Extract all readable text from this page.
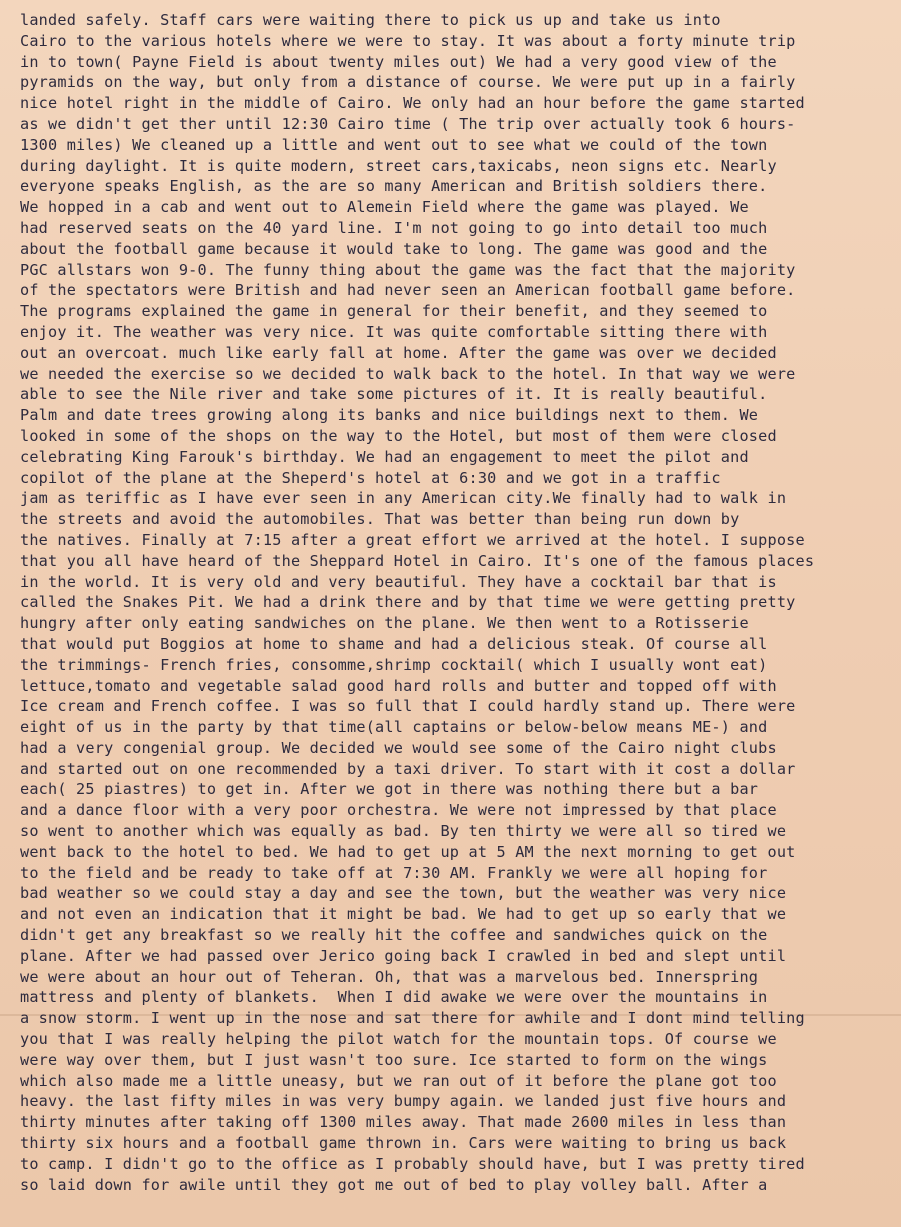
landed safely. Staff cars were waiting there to pick us up and take us into
Cairo to the various hotels where we were to stay. It was about a forty minute trip
in to town( Payne Field is about twenty miles out) We had a very good view of the
pyramids on the way, but only from a distance of course. We were put up in a fairly
nice hotel right in the middle of Cairo. We only had an hour before the game started
as we didn't get ther until 12:30 Cairo time ( The trip over actually took 6 hours-
1300 miles) We cleaned up a little and went out to see what we could of the town
during daylight. It is quite modern, street cars,taxicabs, neon signs etc. Nearly
everyone speaks English, as the are so many American and British soldiers there.
We hopped in a cab and went out to Alemein Field where the game was played. We
had reserved seats on the 40 yard line. I'm not going to go into detail too much
about the football game because it would take to long. The game was good and the
PGC allstars won 9-0. The funny thing about the game was the fact that the majority
of the spectators were British and had never seen an American football game before.
The programs explained the game in general for their benefit, and they seemed to
enjoy it. The weather was very nice. It was quite comfortable sitting there with
out an overcoat. much like early fall at home. After the game was over we decided
we needed the exercise so we decided to walk back to the hotel. In that way we were
able to see the Nile river and take some pictures of it. It is really beautiful.
Palm and date trees growing along its banks and nice buildings next to them. We
looked in some of the shops on the way to the Hotel, but most of them were closed
celebrating King Farouk's birthday. We had an engagement to meet the pilot and
copilot of the plane at the Sheperd's hotel at 6:30 and we got in a traffic
jam as teriffic as I have ever seen in any American city.We finally had to walk in
the streets and avoid the automobiles. That was better than being run down by
the natives. Finally at 7:15 after a great effort we arrived at the hotel. I suppose
that you all have heard of the Sheppard Hotel in Cairo. It's one of the famous places
in the world. It is very old and very beautiful. They have a cocktail bar that is
called the Snakes Pit. We had a drink there and by that time we were getting pretty
hungry after only eating sandwiches on the plane. We then went to a Rotisserie
that would put Boggios at home to shame and had a delicious steak. Of course all
the trimmings- French fries, consomme,shrimp cocktail( which I usually wont eat)
lettuce,tomato and vegetable salad good hard rolls and butter and topped off with
Ice cream and French coffee. I was so full that I could hardly stand up. There were
eight of us in the party by that time(all captains or below-below means ME-) and
had a very congenial group. We decided we would see some of the Cairo night clubs
and started out on one recommended by a taxi driver. To start with it cost a dollar
each( 25 piastres) to get in. After we got in there was nothing there but a bar
and a dance floor with a very poor orchestra. We were not impressed by that place
so went to another which was equally as bad. By ten thirty we were all so tired we
went back to the hotel to bed. We had to get up at 5 AM the next morning to get out
to the field and be ready to take off at 7:30 AM. Frankly we were all hoping for
bad weather so we could stay a day and see the town, but the weather was very nice
and not even an indication that it might be bad. We had to get up so early that we
didn't get any breakfast so we really hit the coffee and sandwiches quick on the
plane. After we had passed over Jerico going back I crawled in bed and slept until
we were about an hour out of Teheran. Oh, that was a marvelous bed. Innerspring
mattress and plenty of blankets.  When I did awake we were over the mountains in
a snow storm. I went up in the nose and sat there for awhile and I dont mind telling
you that I was really helping the pilot watch for the mountain tops. Of course we
were way over them, but I just wasn't too sure. Ice started to form on the wings
which also made me a little uneasy, but we ran out of it before the plane got too
heavy. the last fifty miles in was very bumpy again. we landed just five hours and
thirty minutes after taking off 1300 miles away. That made 2600 miles in less than
thirty six hours and a football game thrown in. Cars were waiting to bring us back
to camp. I didn't go to the office as I probably should have, but I was pretty tired
so laid down for awile until they got me out of bed to play volley ball. After a
